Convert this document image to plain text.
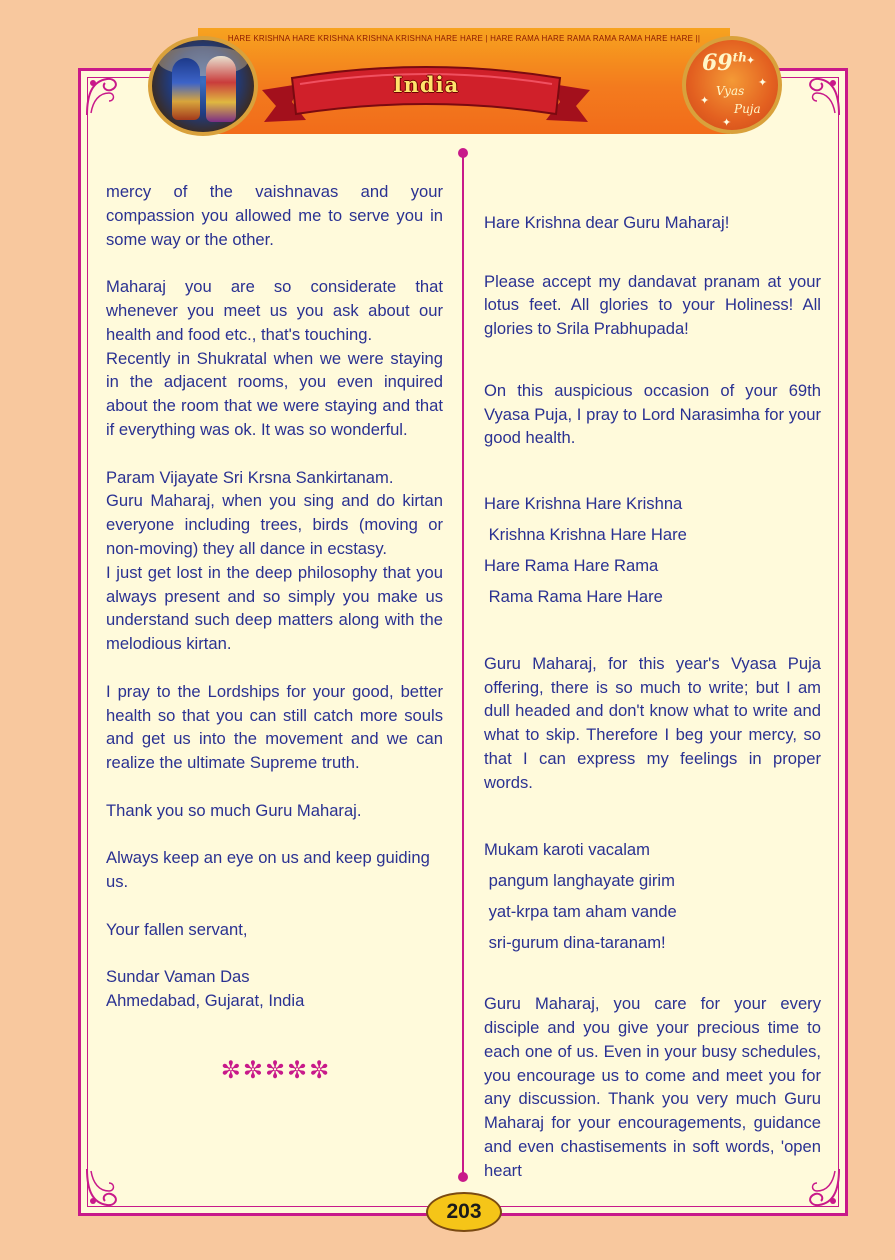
HARE KRISHNA HARE KRISHNA KRISHNA KRISHNA HARE HARE | HARE RAMA HARE RAMA RAMA RAMA HARE HARE ||
India
69th
Vyas
Puja
✦
✦
✦
✦

mercy of the vaishnavas and your compassion you allowed me to serve you in some way or the other.

Maharaj you are so considerate that whenever you meet us you ask about our health and food etc., that's touching.

Recently in Shukratal when we were staying in the adjacent rooms, you even inquired about the room that we were staying and that if everything was ok. It was so wonderful.

Param Vijayate Sri Krsna Sankirtanam.

Guru Maharaj, when you sing and do kirtan everyone including trees, birds (moving or non-moving) they all dance in ecstasy.

I just get lost in the deep philosophy that you always present and so simply you make us understand such deep matters along with the melodious kirtan.

I pray to the Lordships for your good, better health so that you can still catch more souls and get us into the movement and we can realize the ultimate Supreme truth.

Thank you so much Guru Maharaj.

Always keep an eye on us and keep guiding us.

Your fallen servant,

Sundar Vaman Das

Ahmedabad, Gujarat, India

✼✼✼✼✼

Hare Krishna dear Guru Maharaj!

Please accept my dandavat pranam at your lotus feet. All glories to your Holiness! All glories to Srila Prabhupada!

On this auspicious occasion of your 69th Vyasa Puja, I pray to Lord Narasimha for your good health.

Hare Krishna Hare Krishna

Krishna Krishna Hare Hare

Hare Rama Hare Rama

Rama Rama Hare Hare

Guru Maharaj, for this year's Vyasa Puja offering, there is so much to write; but I am dull headed and don't know what to write and what to skip. Therefore I beg your mercy, so that I can express my feelings in proper words.

Mukam karoti vacalam

pangum langhayate girim

yat-krpa tam aham vande

sri-gurum dina-taranam!

Guru Maharaj, you care for your every disciple and you give your precious time to each one of us. Even in your busy schedules, you encourage us to come and meet you for any discussion. Thank you very much Guru Maharaj for your encouragements, guidance and even chastisements in soft words, 'open heart

203
